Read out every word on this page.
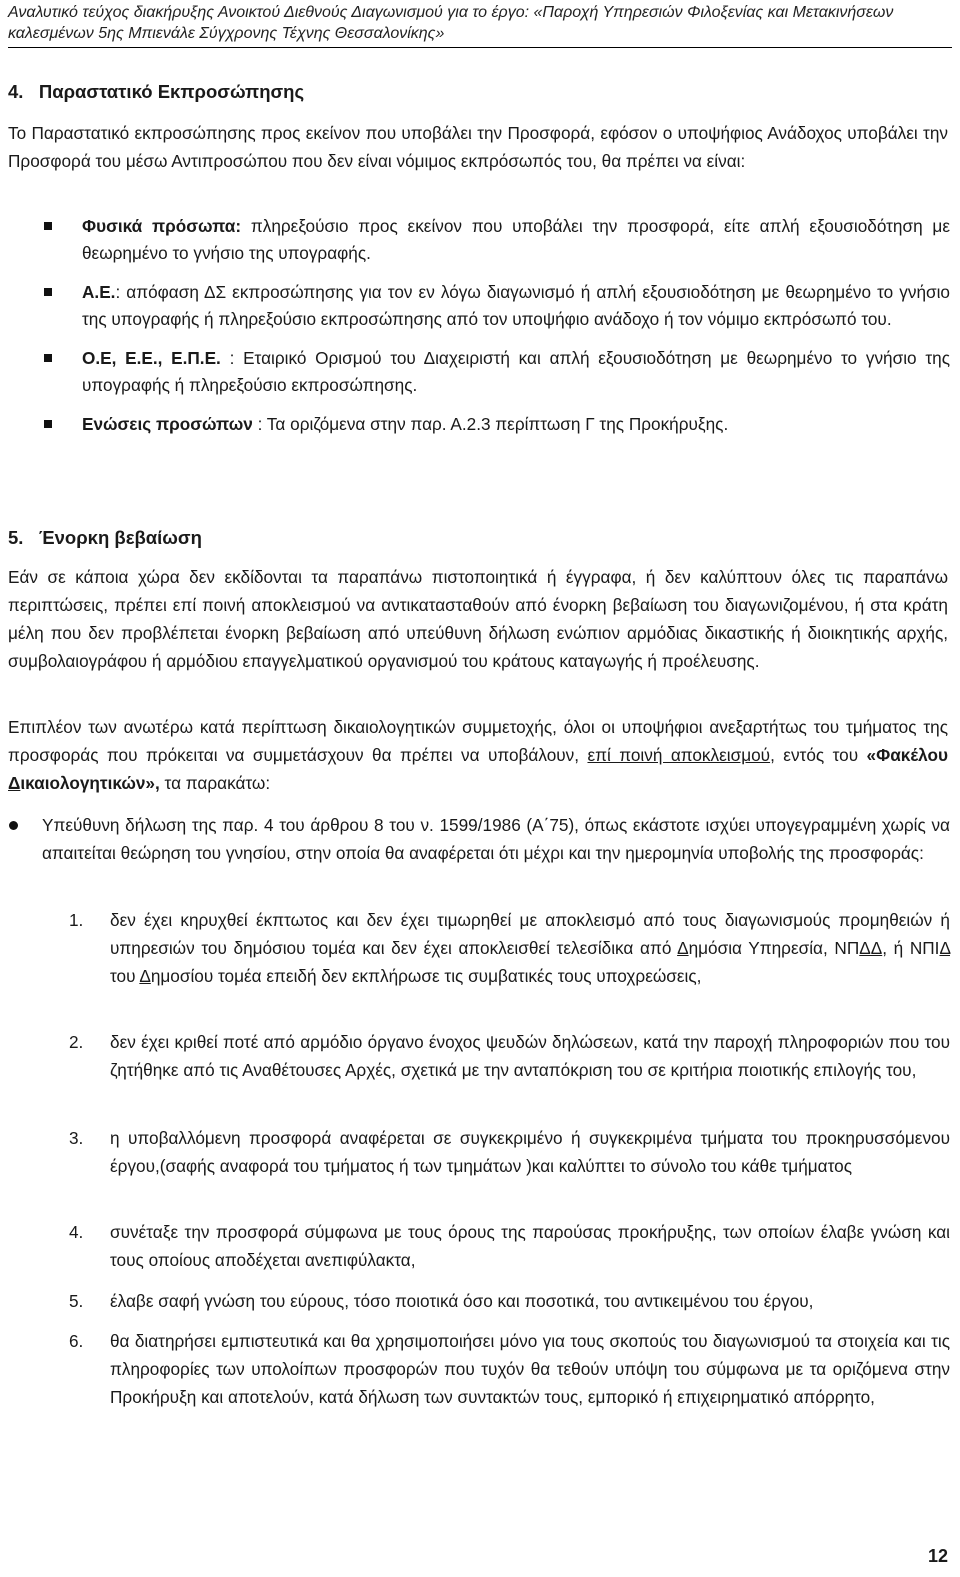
Αναλυτικό τεύχος διακήρυξης Ανοικτού Διεθνούς Διαγωνισμού για το έργο: «Παροχή Υπηρεσιών Φιλοξενίας και Μετακινήσεων
καλεσμένων 5ης Μπιενάλε Σύγχρονης Τέχνης Θεσσαλονίκης»
4. Παραστατικό Εκπροσώπησης

Το Παραστατικό εκπροσώπησης προς εκείνον που υποβάλει την Προσφορά, εφόσον ο υποψήφιος Ανάδοχος υποβάλει την Προσφορά του μέσω Αντιπροσώπου που δεν είναι νόμιμος εκπρόσωπός του, θα πρέπει να είναι:

Φυσικά πρόσωπα: πληρεξούσιο προς εκείνον που υποβάλει την προσφορά, είτε απλή εξουσιοδότηση με θεωρημένο το γνήσιο της υπογραφής.
Α.Ε.: απόφαση ΔΣ εκπροσώπησης για τον εν λόγω διαγωνισμό ή απλή εξουσιοδότηση με θεωρημένο το γνήσιο της υπογραφής ή πληρεξούσιο εκπροσώπησης από τον υποψήφιο ανάδοχο ή τον νόμιμο εκπρόσωπό του.
Ο.Ε, Ε.Ε., Ε.Π.Ε. : Εταιρικό Ορισμού του Διαχειριστή και απλή εξουσιοδότηση με θεωρημένο το γνήσιο της υπογραφής ή πληρεξούσιο εκπροσώπησης.
Ενώσεις προσώπων : Τα οριζόμενα στην παρ. Α.2.3 περίπτωση Γ της Προκήρυξης.
5. Ένορκη βεβαίωση

Εάν σε κάποια χώρα δεν εκδίδονται τα παραπάνω πιστοποιητικά ή έγγραφα, ή δεν καλύπτουν όλες τις παραπάνω περιπτώσεις, πρέπει επί ποινή αποκλεισμού να αντικατασταθούν από ένορκη βεβαίωση του διαγωνιζομένου, ή στα κράτη μέλη που δεν προβλέπεται ένορκη βεβαίωση από υπεύθυνη δήλωση ενώπιον αρμόδιας δικαστικής ή διοικητικής αρχής, συμβολαιογράφου ή αρμόδιου επαγγελματικού οργανισμού του κράτους καταγωγής ή προέλευσης.

Επιπλέον των ανωτέρω κατά περίπτωση δικαιολογητικών συμμετοχής, όλοι οι υποψήφιοι ανεξαρτήτως του τμήματος της προσφοράς που πρόκειται να συμμετάσχουν θα πρέπει να υποβάλουν, επί ποινή αποκλεισμού, εντός του «Φακέλου Δικαιολογητικών», τα παρακάτω:

Υπεύθυνη δήλωση της παρ. 4 του άρθρου 8 του ν. 1599/1986 (Α΄75), όπως εκάστοτε ισχύει υπογεγραμμένη χωρίς να απαιτείται θεώρηση του γνησίου, στην οποία θα αναφέρεται ότι μέχρι και την ημερομηνία υποβολής της προσφοράς:
1.	δεν έχει κηρυχθεί έκπτωτος και δεν έχει τιμωρηθεί με αποκλεισμό από τους διαγωνισμούς προμηθειών ή υπηρεσιών του δημόσιου τομέα και δεν έχει αποκλεισθεί τελεσίδικα από Δημόσια Υπηρεσία, ΝΠΔΔ, ή ΝΠΙΔ του Δημοσίου τομέα επειδή δεν εκπλήρωσε τις συμβατικές τους υποχρεώσεις,
2.	δεν έχει κριθεί ποτέ από αρμόδιο όργανο ένοχος ψευδών δηλώσεων, κατά την παροχή πληροφοριών που του ζητήθηκε από τις Αναθέτουσες Αρχές, σχετικά με την ανταπόκριση του σε κριτήρια ποιοτικής επιλογής του,
3.	η υποβαλλόμενη προσφορά αναφέρεται σε συγκεκριμένο ή συγκεκριμένα τμήματα του προκηρυσσόμενου έργου,(σαφής αναφορά του τμήματος ή των τμημάτων )και καλύπτει το σύνολο του κάθε τμήματος
4.	συνέταξε την προσφορά σύμφωνα με τους όρους της παρούσας προκήρυξης, των οποίων έλαβε γνώση και τους οποίους αποδέχεται ανεπιφύλακτα,
5.	έλαβε σαφή γνώση του εύρους, τόσο ποιοτικά όσο και ποσοτικά, του αντικειμένου του έργου,
6.	θα διατηρήσει εμπιστευτικά και θα χρησιμοποιήσει μόνο για τους σκοπούς του διαγωνισμού τα στοιχεία και τις πληροφορίες των υπολοίπων προσφορών που τυχόν θα τεθούν υπόψη του σύμφωνα με τα οριζόμενα στην Προκήρυξη και αποτελούν, κατά δήλωση των συντακτών τους, εμπορικό ή επιχειρηματικό απόρρητο,
12
